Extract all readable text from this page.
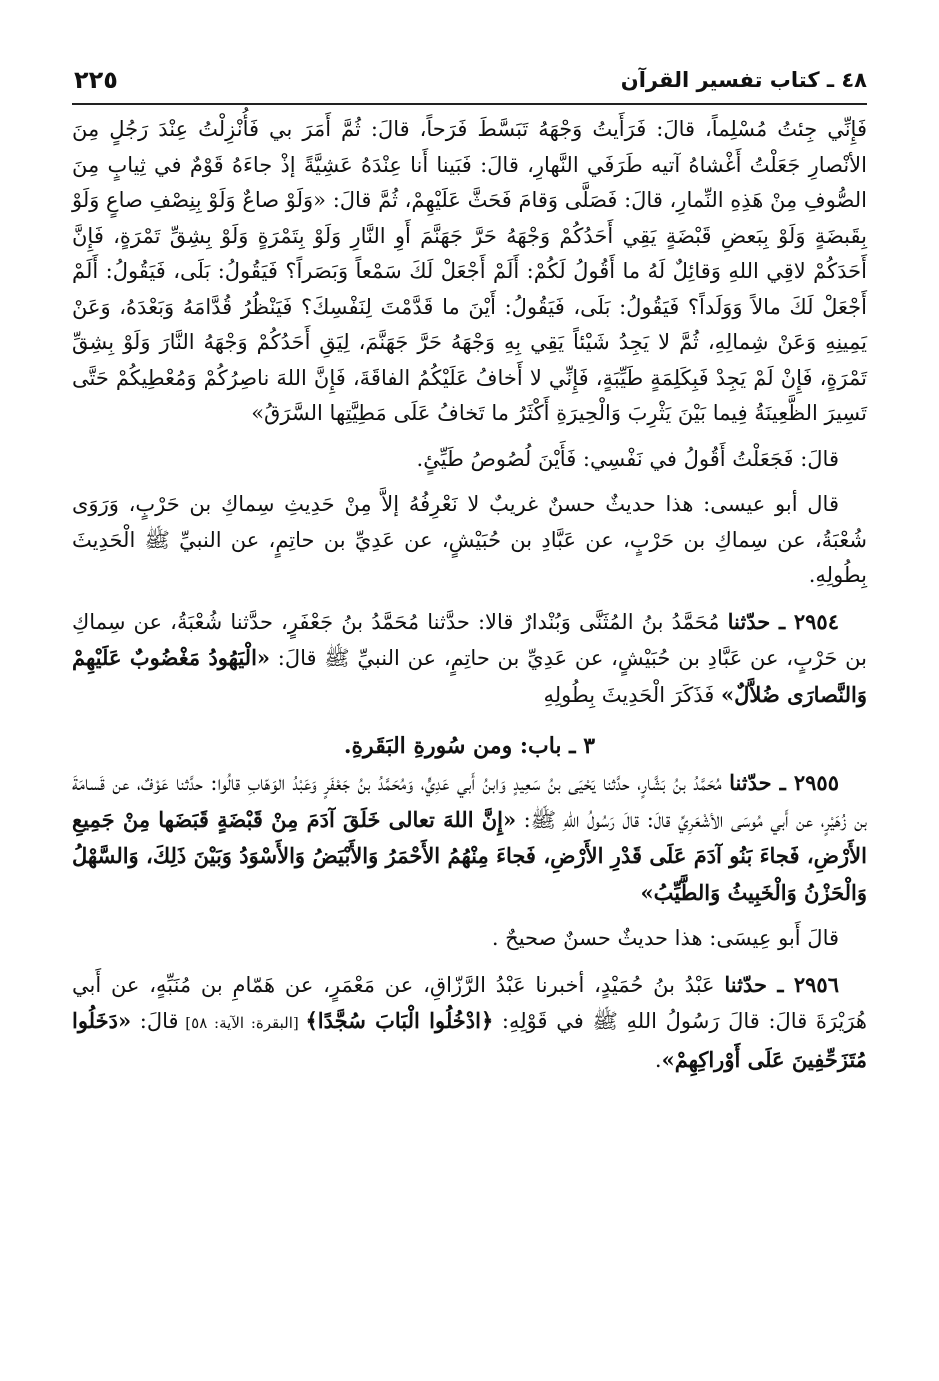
٤٨ ـ كتاب تفسير القرآن
٢٢٥

فَإِنِّي جِئتُ مُسْلِماً، قالَ: فَرَأَيتُ وَجْهَهُ تَبَسَّطَ فَرَحاً، قالَ: ثُمَّ أَمَرَ بي فَأُنْزِلْتُ عِنْدَ رَجُلٍ مِنَ الأنْصارِ جَعَلْتُ أَغْشاهُ آتيه طَرَفَي النَّهارِ، قالَ: فَبَينا أَنا عِنْدَهُ عَشِيَّةً إذْ جاءَهُ قَوْمٌ في ثِيابٍ مِنَ الصُّوفِ مِنْ هَذِهِ النِّمارِ، قالَ: فَصَلَّى وَقامَ فَحَثَّ عَلَيْهِمْ، ثُمَّ قالَ: «وَلَوْ صاعٌ وَلَوْ بِنِصْفِ صاعٍ وَلَوْ بِقَبضَةٍ وَلَوْ بِبَعضِ قَبْضَةٍ يَقِي أَحَدُكُمْ وَجْهَهُ حَرَّ جَهَنَّمَ أَوِ النَّارِ وَلَوْ بِتَمْرَةٍ وَلَوْ بِشِقِّ تَمْرَةٍ، فَإِنَّ أَحَدَكُمْ لاقِي اللهِ وَقائِلٌ لَهُ ما أَقُولُ لَكُمْ: أَلَمْ أَجْعَلْ لَكَ سَمْعاً وَبَصَراً؟ فَيَقُولُ: بَلَى، فَيَقُولُ: أَلَمْ أَجْعَلْ لَكَ مالاً وَوَلَداً؟ فَيَقُولُ: بَلَى، فَيَقُولُ: أَيْنَ ما قَدَّمْتَ لِنَفْسِكَ؟ فَيَنْظُرُ قُدَّامَهُ وَبَعْدَهُ، وَعَنْ يَمِينِهِ وَعَنْ شِمالِهِ، ثُمَّ لا يَجِدُ شَيْئاً يَقِي بِهِ وَجْهَهُ حَرَّ جَهَنَّمَ، لِيَقِ أَحَدُكُمْ وَجْهَهُ النَّارَ وَلَوْ بِشِقِّ تَمْرَةٍ، فَإِنْ لَمْ يَجِدْ فَبِكَلِمَةٍ طَيِّبَةٍ، فَإِنِّي لا أَخافُ عَلَيْكُمُ الفاقَةَ، فَإِنَّ اللهَ ناصِرُكُمْ وَمُعْطِيكُمْ حَتَّى تَسِيرَ الظَّعِينَةُ فِيما بَيْنَ يَثْرِبَ وَالْحِيرَةِ أَكْثَرُ ما تَخافُ عَلَى مَطِيَّتِها السَّرَقُ»

قالَ: فَجَعَلْتُ أَقُولُ في نَفْسِي: فَأَيْنَ لُصُوصُ طَيِّئٍ.

قال أبو عيسى: هذا حديثٌ حسنٌ غريبٌ لا نَعْرِفُهُ إلاَّ مِنْ حَدِيثِ سِماكِ بن حَرْبٍ، وَرَوَى شُعْبَةُ، عن سِماكِ بن حَرْبٍ، عن عَبَّادِ بن حُبَيْشٍ، عن عَدِيِّ بن حاتِمٍ، عن النبيِّ ﷺ الْحَدِيثَ بِطُولِهِ.

٢٩٥٤ ـ حدّثنا مُحَمَّدُ بنُ المُثَنَّى وَبُنْدارٌ قالا: حدَّثنا مُحَمَّدُ بنُ جَعْفَرٍ، حدَّثنا شُعْبَةُ، عن سِماكِ بن حَرْبٍ، عن عَبَّادِ بن حُبَيْشٍ، عن عَدِيِّ بن حاتِمٍ، عن النبيِّ ﷺ قالَ: «الْيَهُودُ مَغْضُوبٌ عَلَيْهِمْ وَالنَّصارَى ضُلاَّلٌ» فَذَكَرَ الْحَدِيثَ بِطُولِهِ

٣ ـ باب: ومن سُورةِ البَقَرةِ.

٢٩٥٥ ـ حدّثنا مُحَمَّدُ بنُ بَشَّارٍ، حدَّثنا يَحْيَى بنُ سَعِيدٍ وَابنُ أَبي عَدِيٍّ، وَمُحَمَّدُ بنُ جَعْفَرٍ وَعَبْدُ الوَهّابِ قالُوا: حدَّثنا عَوْفٌ، عن قَسامَةَ بن زُهَيْرٍ، عن أَبي مُوسَى الأشْعَرِيِّ قالَ: قالَ رَسُولُ اللهِ ﷺ: «إِنَّ اللهَ تعالى خَلَقَ آدَمَ مِنْ قَبْضَةٍ قَبَضَها مِنْ جَمِيعِ الأَرْضِ، فَجاءَ بَنُو آدَمَ عَلَى قَدْرِ الأَرْضِ، فَجاءَ مِنْهُمُ الأَحْمَرُ وَالأَبْيَضُ وَالأَسْوَدُ وَبَيْنَ ذَلِكَ، وَالسَّهْلُ وَالْحَزْنُ وَالْخَبِيثُ وَالطَّيِّبُ»

قالَ أَبو عِيسَى: هذا حديثٌ حسنٌ صحيحٌ .

٢٩٥٦ ـ حدّثنا عَبْدُ بنُ حُمَيْدٍ، أخبرنا عَبْدُ الرَّزّاقِ، عن مَعْمَرٍ، عن هَمّامِ بن مُنَبِّهٍ، عن أَبي هُرَيْرَةَ قالَ: قالَ رَسُولُ اللهِ ﷺ في قَوْلِهِ: ﴿ادْخُلُوا الْبَابَ سُجَّدًا﴾ [البقرة: الآية: ٥٨] قالَ: «دَخَلُوا مُتَزَحِّفِينَ عَلَى أَوْراكِهِمْ».
